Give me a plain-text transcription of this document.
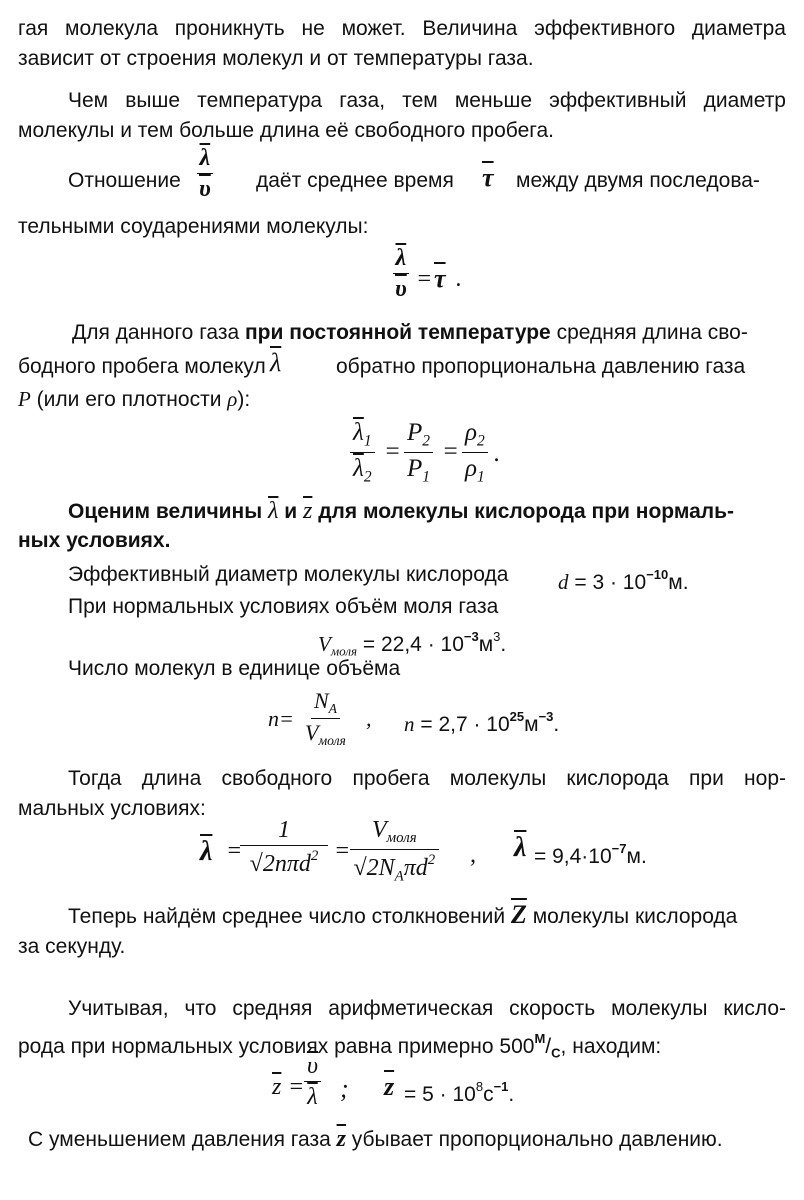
гая молекула проникнуть не может. Величина эффективного диаметра
зависит от строения молекул и от температуры газа.
Чем выше температура газа, тем меньше эффективный диаметр
молекулы и тем больше длина её свободного пробега.
Отношение $\frac{\overline{\lambda}}{\upsilon}$ даёт среднее время $\overline{\tau}$ между двумя последова-
тельными соударениями молекулы:
$\frac{\overline{\lambda}}{\upsilon} = \overline{\tau}$ .
Для данного газа при постоянной температуре средняя длина сво-
бодного пробега молекул $\overline{\lambda}$	обратно пропорциональна давлению газа
P (или его плотности ρ):
$\frac{\overline{\lambda}_1}{\overline{\lambda}_2} = \frac{P_2}{P_1} = \frac{\rho_2}{\rho_1}$ .
Оценим величины $\overline{\lambda}$ и $\overline{z}$ для молекулы кислорода при нормаль-
ных условиях.
Эффективный диаметр молекулы кислорода $d = 3 \cdot 10^{-10}м$.
При нормальных условиях объём моля газа
$V_{моля} = 22,4 \cdot 10^{-3}м^3$.
Число молекул в единице объёма
n=
$N_A$
$V_{моля}$
, $n = 2,7 \cdot 10^{25}м^{-3}$.
Тогда длина свободного пробега молекулы кислорода при нор-
мальных условиях:
$\overline{\lambda}$ =
1
√2nπd$^2$ =
$V_{моля}$
$√2N_A\pi d^2$ , $\overline{\lambda} = 9,4\cdot 10^{-7}м$.
Теперь найдём среднее число столкновений $\overline{Z}$ молекулы кислорода
за секунду.
Учитывая, что средняя арифметическая скорость молекулы кисло-
рода при нормальных условиях равна примерно $500^М/_С$, находим:
$\overline{z} = \frac{\overline{\upsilon}}{\lambda}$ ; $\overline{z} = 5 \cdot 10^8с^{-1}$.
С уменьшением давления газа $\overline{z}$ убывает пропорционально давлению.
